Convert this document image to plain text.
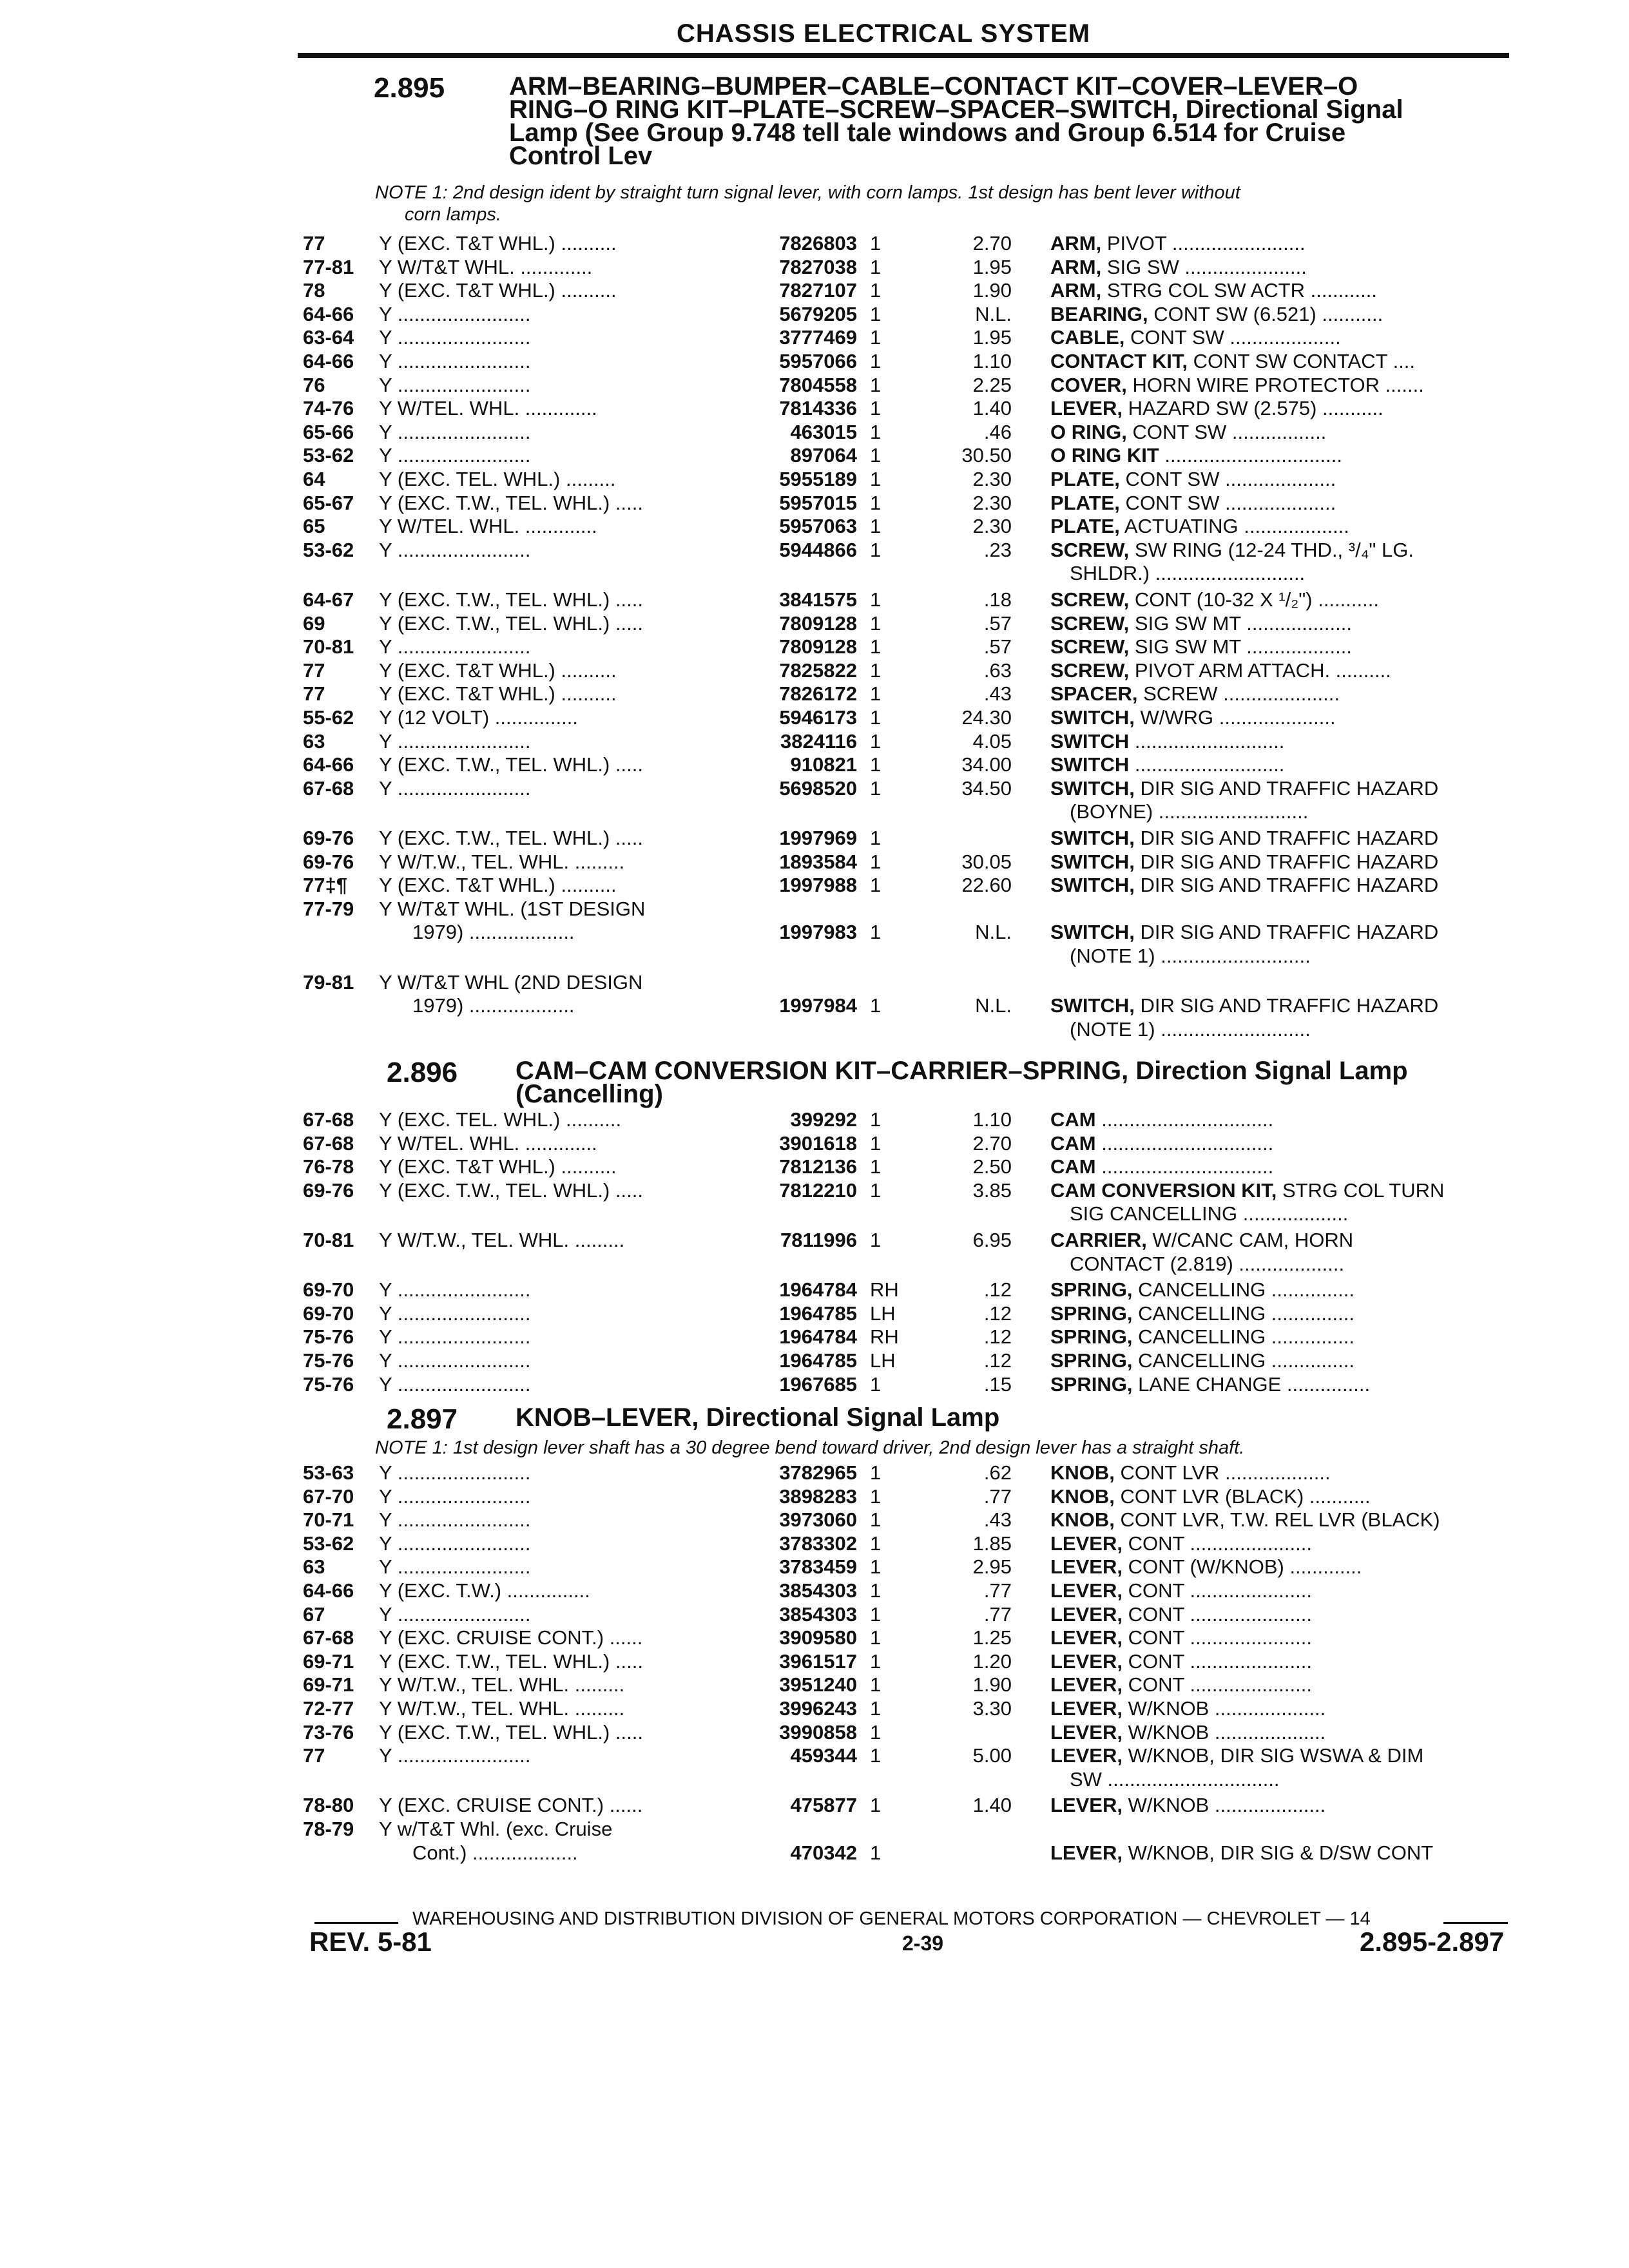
CHASSIS ELECTRICAL SYSTEM
2.895 ARM–BEARING–BUMPER–CABLE–CONTACT KIT–COVER–LEVER–O
RING–O RING KIT–PLATE–SCREW–SPACER–SWITCH, Directional Signal
Lamp (See Group 9.748 tell tale windows and Group 6.514 for Cruise
Control Lev
NOTE 1: 2nd design ident by straight turn signal lever, with corn lamps. 1st design has bent lever without
corn lamps.
77	Y (EXC. T&T WHL.) ..........	7826803 1	2.70 ARM, PIVOT ........................
77-81 Y W/T&T WHL. .............	7827038 1	1.95 ARM, SIG SW ......................
78	Y (EXC. T&T WHL.) ..........	7827107 1	1.90 ARM, STRG COL SW ACTR ............
64-66 Y ........................	5679205 1	N.L. BEARING, CONT SW (6.521) ...........
63-64 Y ........................	3777469 1	1.95 CABLE, CONT SW ....................
64-66 Y ........................	5957066 1	1.10 CONTACT KIT, CONT SW CONTACT ....
76	Y ........................	7804558 1	2.25 COVER, HORN WIRE PROTECTOR .......
74-76 Y W/TEL. WHL. .............	7814336 1	1.40 LEVER, HAZARD SW (2.575) ...........
65-66 Y ........................	463015 1	.46 O RING, CONT SW .................
53-62 Y ........................	897064 1	30.50 O RING KIT ................................
64	Y (EXC. TEL. WHL.) .........	5955189 1	2.30 PLATE, CONT SW ....................
65-67 Y (EXC. T.W., TEL. WHL.) .....	5957015 1	2.30 PLATE, CONT SW ....................
65	Y W/TEL. WHL. .............	5957063 1	2.30 PLATE, ACTUATING ...................
53-62 Y ........................	5944866 1	.23 SCREW, SW RING (12-24 THD., ³/₄" LG.
SHLDR.) ...........................
64-67 Y (EXC. T.W., TEL. WHL.) .....	3841575 1	.18 SCREW, CONT (10-32 X ¹/₂") ...........
69	Y (EXC. T.W., TEL. WHL.) .....	7809128 1	.57 SCREW, SIG SW MT ...................
70-81 Y ........................	7809128 1	.57 SCREW, SIG SW MT ...................
77	Y (EXC. T&T WHL.) ..........	7825822 1	.63 SCREW, PIVOT ARM ATTACH. ..........
77	Y (EXC. T&T WHL.) ..........	7826172 1	.43 SPACER, SCREW .....................
55-62 Y (12 VOLT) ...............	5946173 1	24.30 SWITCH, W/WRG .....................
63	Y ........................	3824116 1	4.05 SWITCH ...........................
64-66 Y (EXC. T.W., TEL. WHL.) .....	910821 1	34.00 SWITCH ...........................
67-68 Y ........................	5698520 1	34.50 SWITCH, DIR SIG AND TRAFFIC HAZARD
(BOYNE) ...........................
69-76 Y (EXC. T.W., TEL. WHL.) .....	1997969 1	SWITCH, DIR SIG AND TRAFFIC HAZARD
69-76 Y W/T.W., TEL. WHL. .........	1893584 1	30.05 SWITCH, DIR SIG AND TRAFFIC HAZARD
77‡¶ Y (EXC. T&T WHL.) ..........	1997988 1	22.60 SWITCH, DIR SIG AND TRAFFIC HAZARD
77-79 Y W/T&T WHL. (1ST DESIGN
1979) ...................	1997983 1	N.L. SWITCH, DIR SIG AND TRAFFIC HAZARD
(NOTE 1) ...........................
79-81 Y W/T&T WHL (2ND DESIGN
1979) ...................	1997984 1	N.L. SWITCH, DIR SIG AND TRAFFIC HAZARD
(NOTE 1) ...........................
2.896 CAM–CAM CONVERSION KIT–CARRIER–SPRING, Direction Signal Lamp
(Cancelling)
67-68 Y (EXC. TEL. WHL.) ..........	399292 1	1.10 CAM ...............................
67-68 Y W/TEL. WHL. .............	3901618 1	2.70 CAM ...............................
76-78 Y (EXC. T&T WHL.) ..........	7812136 1	2.50 CAM ...............................
69-76 Y (EXC. T.W., TEL. WHL.) .....	7812210 1	3.85 CAM CONVERSION KIT, STRG COL TURN
SIG CANCELLING ...................
70-81 Y W/T.W., TEL. WHL. .........	7811996 1	6.95 CARRIER, W/CANC CAM, HORN
CONTACT (2.819) ...................
69-70 Y ........................	1964784 RH	.12 SPRING, CANCELLING ...............
69-70 Y ........................	1964785 LH	.12 SPRING, CANCELLING ...............
75-76 Y ........................	1964784 RH	.12 SPRING, CANCELLING ...............
75-76 Y ........................	1964785 LH	.12 SPRING, CANCELLING ...............
75-76 Y ........................	1967685 1	.15 SPRING, LANE CHANGE ...............
2.897 KNOB–LEVER, Directional Signal Lamp
NOTE 1: 1st design lever shaft has a 30 degree bend toward driver, 2nd design lever has a straight shaft.
53-63 Y ........................	3782965 1	.62 KNOB, CONT LVR ...................
67-70 Y ........................	3898283 1	.77 KNOB, CONT LVR (BLACK) ...........
70-71 Y ........................	3973060 1	.43 KNOB, CONT LVR, T.W. REL LVR (BLACK)
53-62 Y ........................	3783302 1	1.85 LEVER, CONT ......................
63	Y ........................	3783459 1	2.95 LEVER, CONT (W/KNOB) .............
64-66 Y (EXC. T.W.) ...............	3854303 1	.77 LEVER, CONT ......................
67	Y ........................	3854303 1	.77 LEVER, CONT ......................
67-68 Y (EXC. CRUISE CONT.) ......	3909580 1	1.25 LEVER, CONT ......................
69-71 Y (EXC. T.W., TEL. WHL.) .....	3961517 1	1.20 LEVER, CONT ......................
69-71 Y W/T.W., TEL. WHL. .........	3951240 1	1.90 LEVER, CONT ......................
72-77 Y W/T.W., TEL. WHL. .........	3996243 1	3.30 LEVER, W/KNOB ....................
73-76 Y (EXC. T.W., TEL. WHL.) .....	3990858 1	LEVER, W/KNOB ....................
77	Y ........................	459344 1	5.00 LEVER, W/KNOB, DIR SIG WSWA & DIM
SW ...............................
78-80 Y (EXC. CRUISE CONT.) ......	475877 1	1.40 LEVER, W/KNOB ....................
78-79 Y w/T&T Whl. (exc. Cruise
Cont.) ...................	470342 1	LEVER, W/KNOB, DIR SIG & D/SW CONT
WAREHOUSING AND DISTRIBUTION DIVISION OF GENERAL MOTORS CORPORATION — CHEVROLET — 14
REV. 5-81	2-39	2.895-2.897
